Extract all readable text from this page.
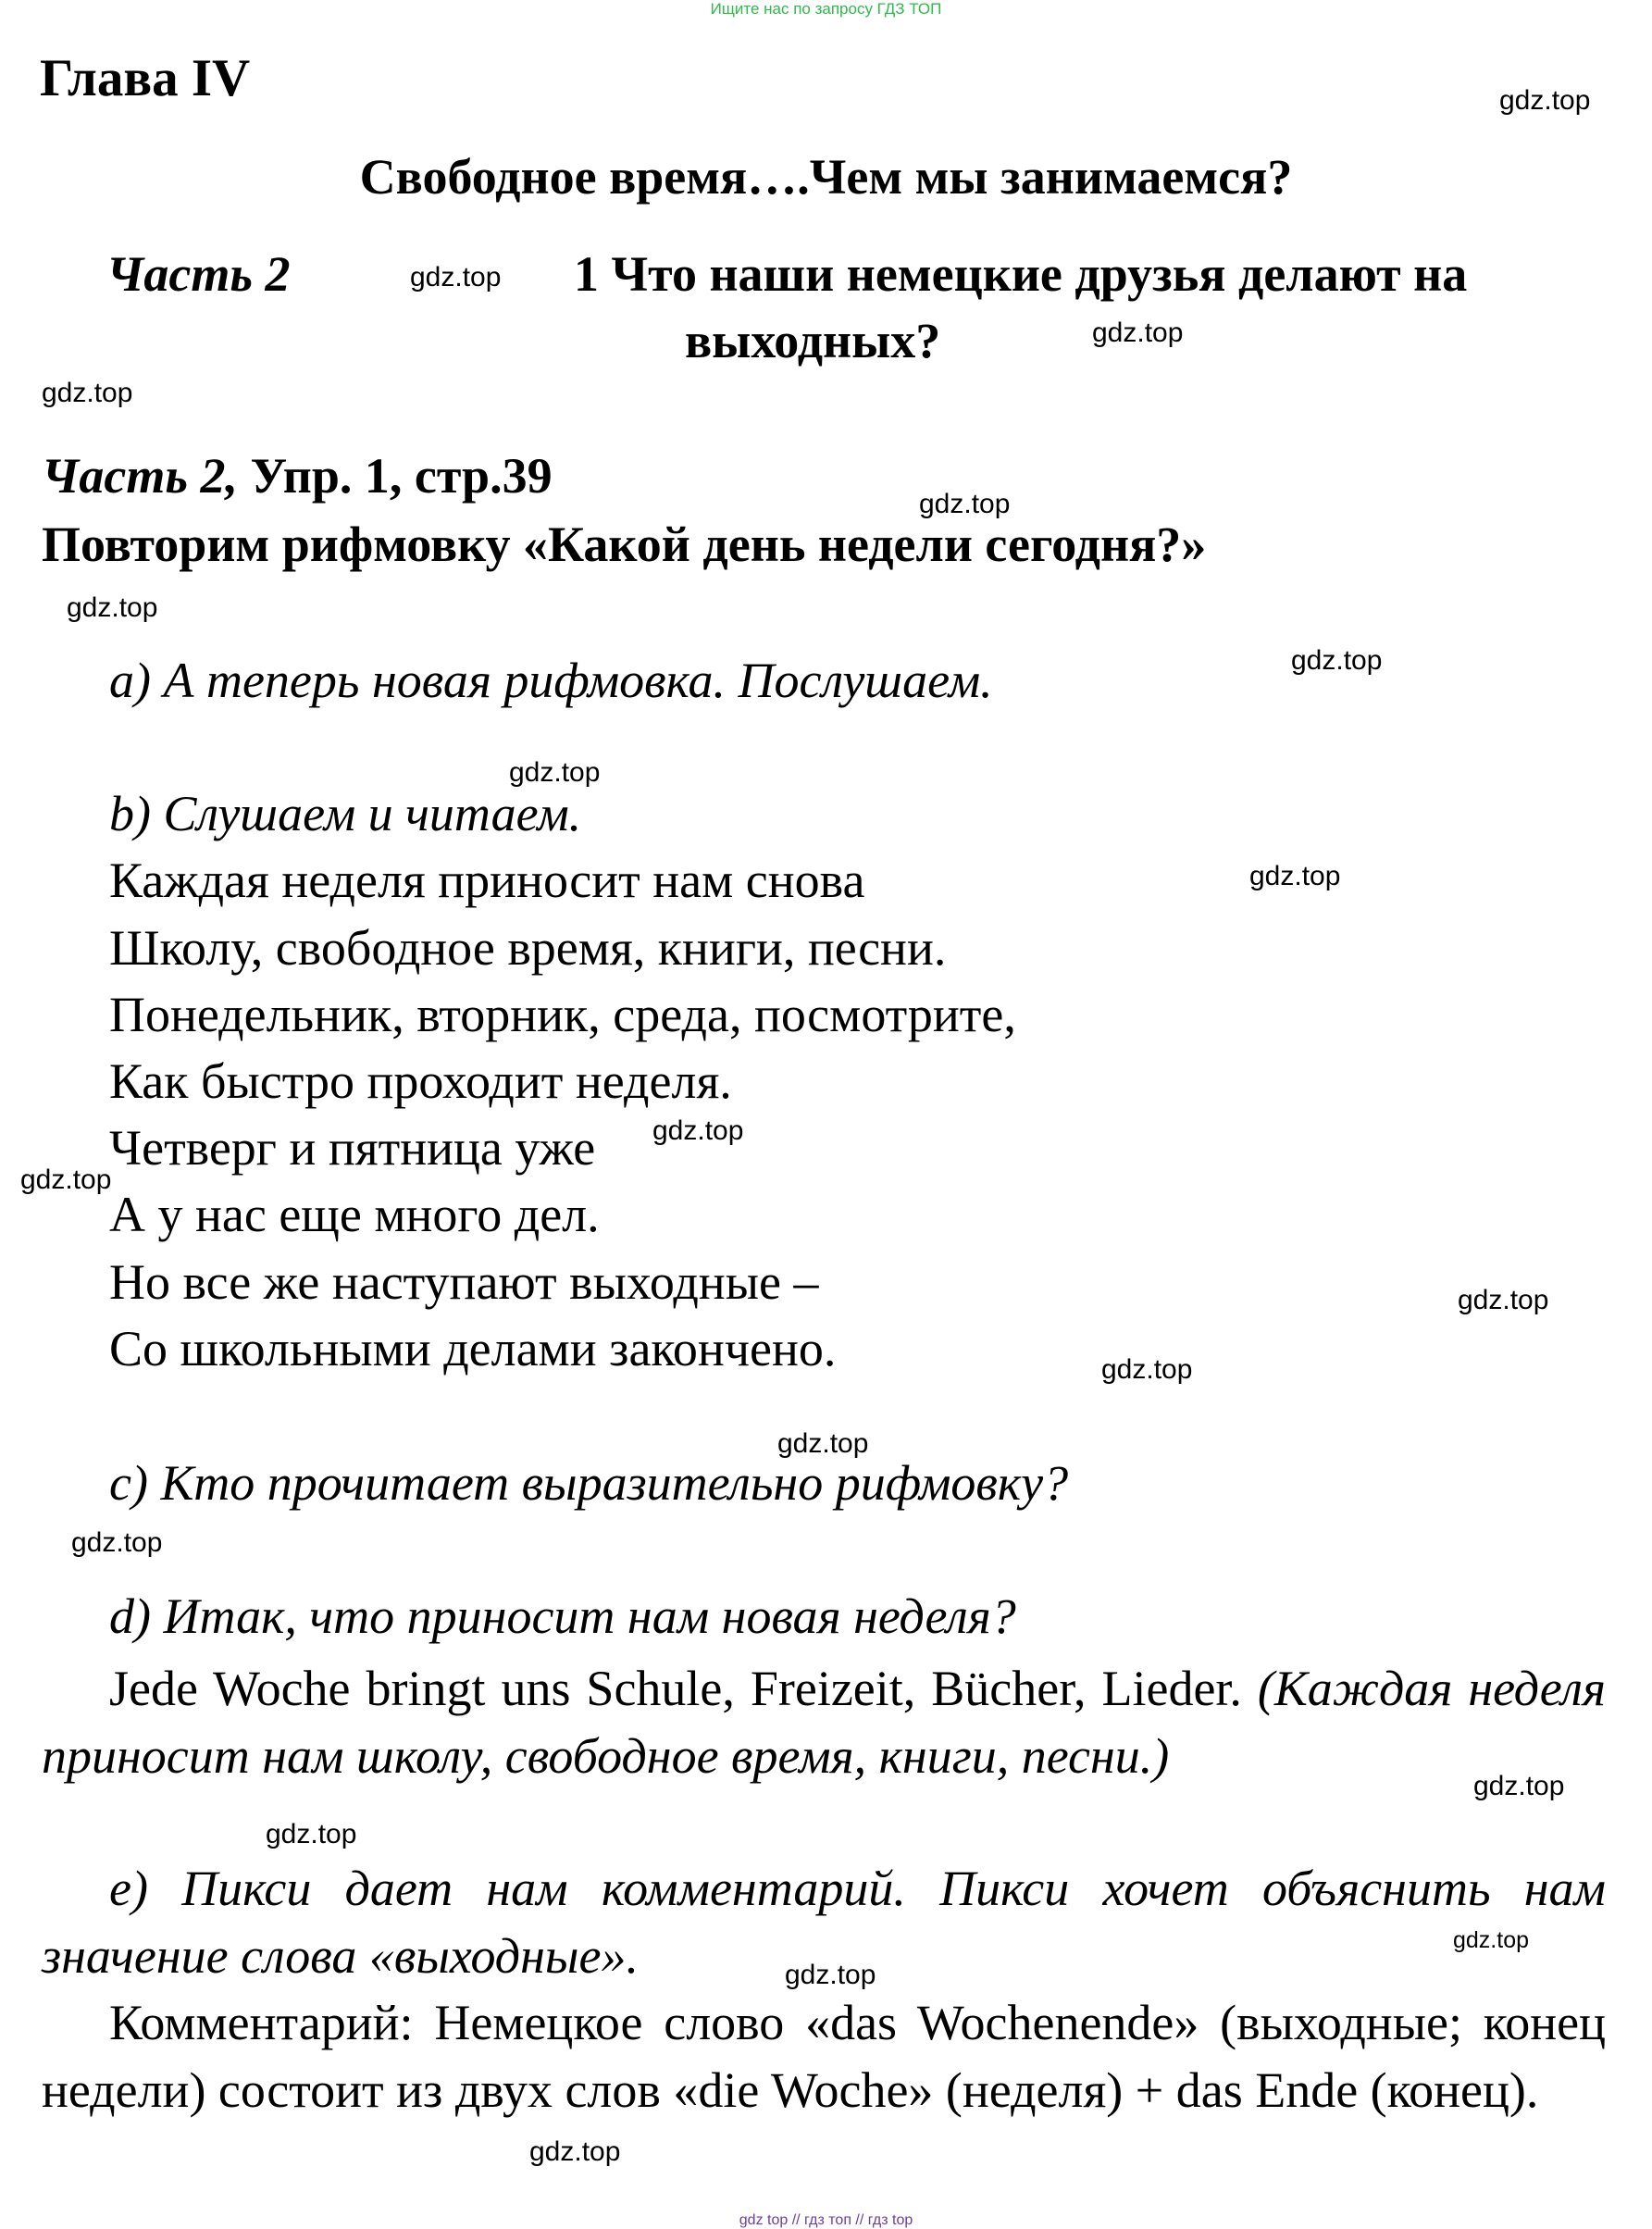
Ищите нас по запросу ГДЗ ТОП
Глава IV
Свободное время….Чем мы занимаемся?
Часть 2	1 Что наши немецкие друзья делают на
выходных?
Часть 2, Упр. 1, стр.39
Повторим рифмовку «Какой день недели сегодня?»
a) А теперь новая рифмовка. Послушаем.
b) Слушаем и читаем.
Каждая неделя приносит нам снова
Школу, свободное время, книги, песни.
Понедельник, вторник, среда, посмотрите,
Как быстро проходит неделя.
Четверг и пятница уже
А у нас еще много дел.
Но все же наступают выходные –
Со школьными делами закончено.
c) Кто прочитает выразительно рифмовку?
d) Итак, что приносит нам новая неделя?
Jede Woche bringt uns Schule, Freizeit, Bücher, Lieder. (Каждая неделя приносит нам школу, свободное время, книги, песни.)
e) Пикси дает нам комментарий. Пикси хочет объяснить нам значение слова «выходные».
Комментарий: Немецкое слово «das Wochenende» (выходные; конец недели) состоит из двух слов «die Woche» (неделя) + das Ende (конец).
gdz.top
gdz.top
gdz.top
gdz.top
gdz.top
gdz.top
gdz.top
gdz.top
gdz.top
gdz.top
gdz.top
gdz.top
gdz.top
gdz.top
gdz.top
gdz.top
gdz.top
gdz.top
gdz.top
gdz.top
gdz top // гдз топ // гдз top
